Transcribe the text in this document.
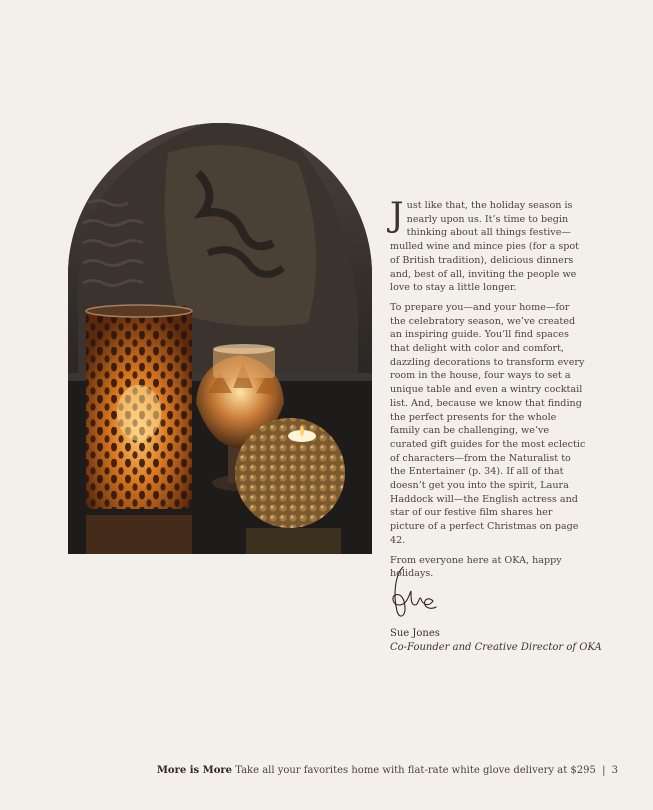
Just like that, the holiday season is nearly upon us. It’s time to begin thinking about all things festive—mulled wine and mince pies (for a spot of British tradition), delicious dinners and, best of all, inviting the people we love to stay a little longer.

To prepare you—and your home—for the celebratory season, we’ve created an inspiring guide. You’ll find spaces that delight with color and comfort, dazzling decorations to transform every room in the house, four ways to set a unique table and even a wintry cocktail list. And, because we know that finding the perfect presents for the whole family can be challenging, we’ve curated gift guides for the most eclectic of characters—from the Naturalist to the Entertainer (p. 34). If all of that doesn’t get you into the spirit, Laura Haddock will—the English actress and star of our festive film shares her picture of a perfect Christmas on page 42.

From everyone here at OKA, happy holidays.

Sue Jones
Co-Founder and Creative Director of OKA
More is More Take all your favorites home with flat-rate white glove delivery at $295 | 3
